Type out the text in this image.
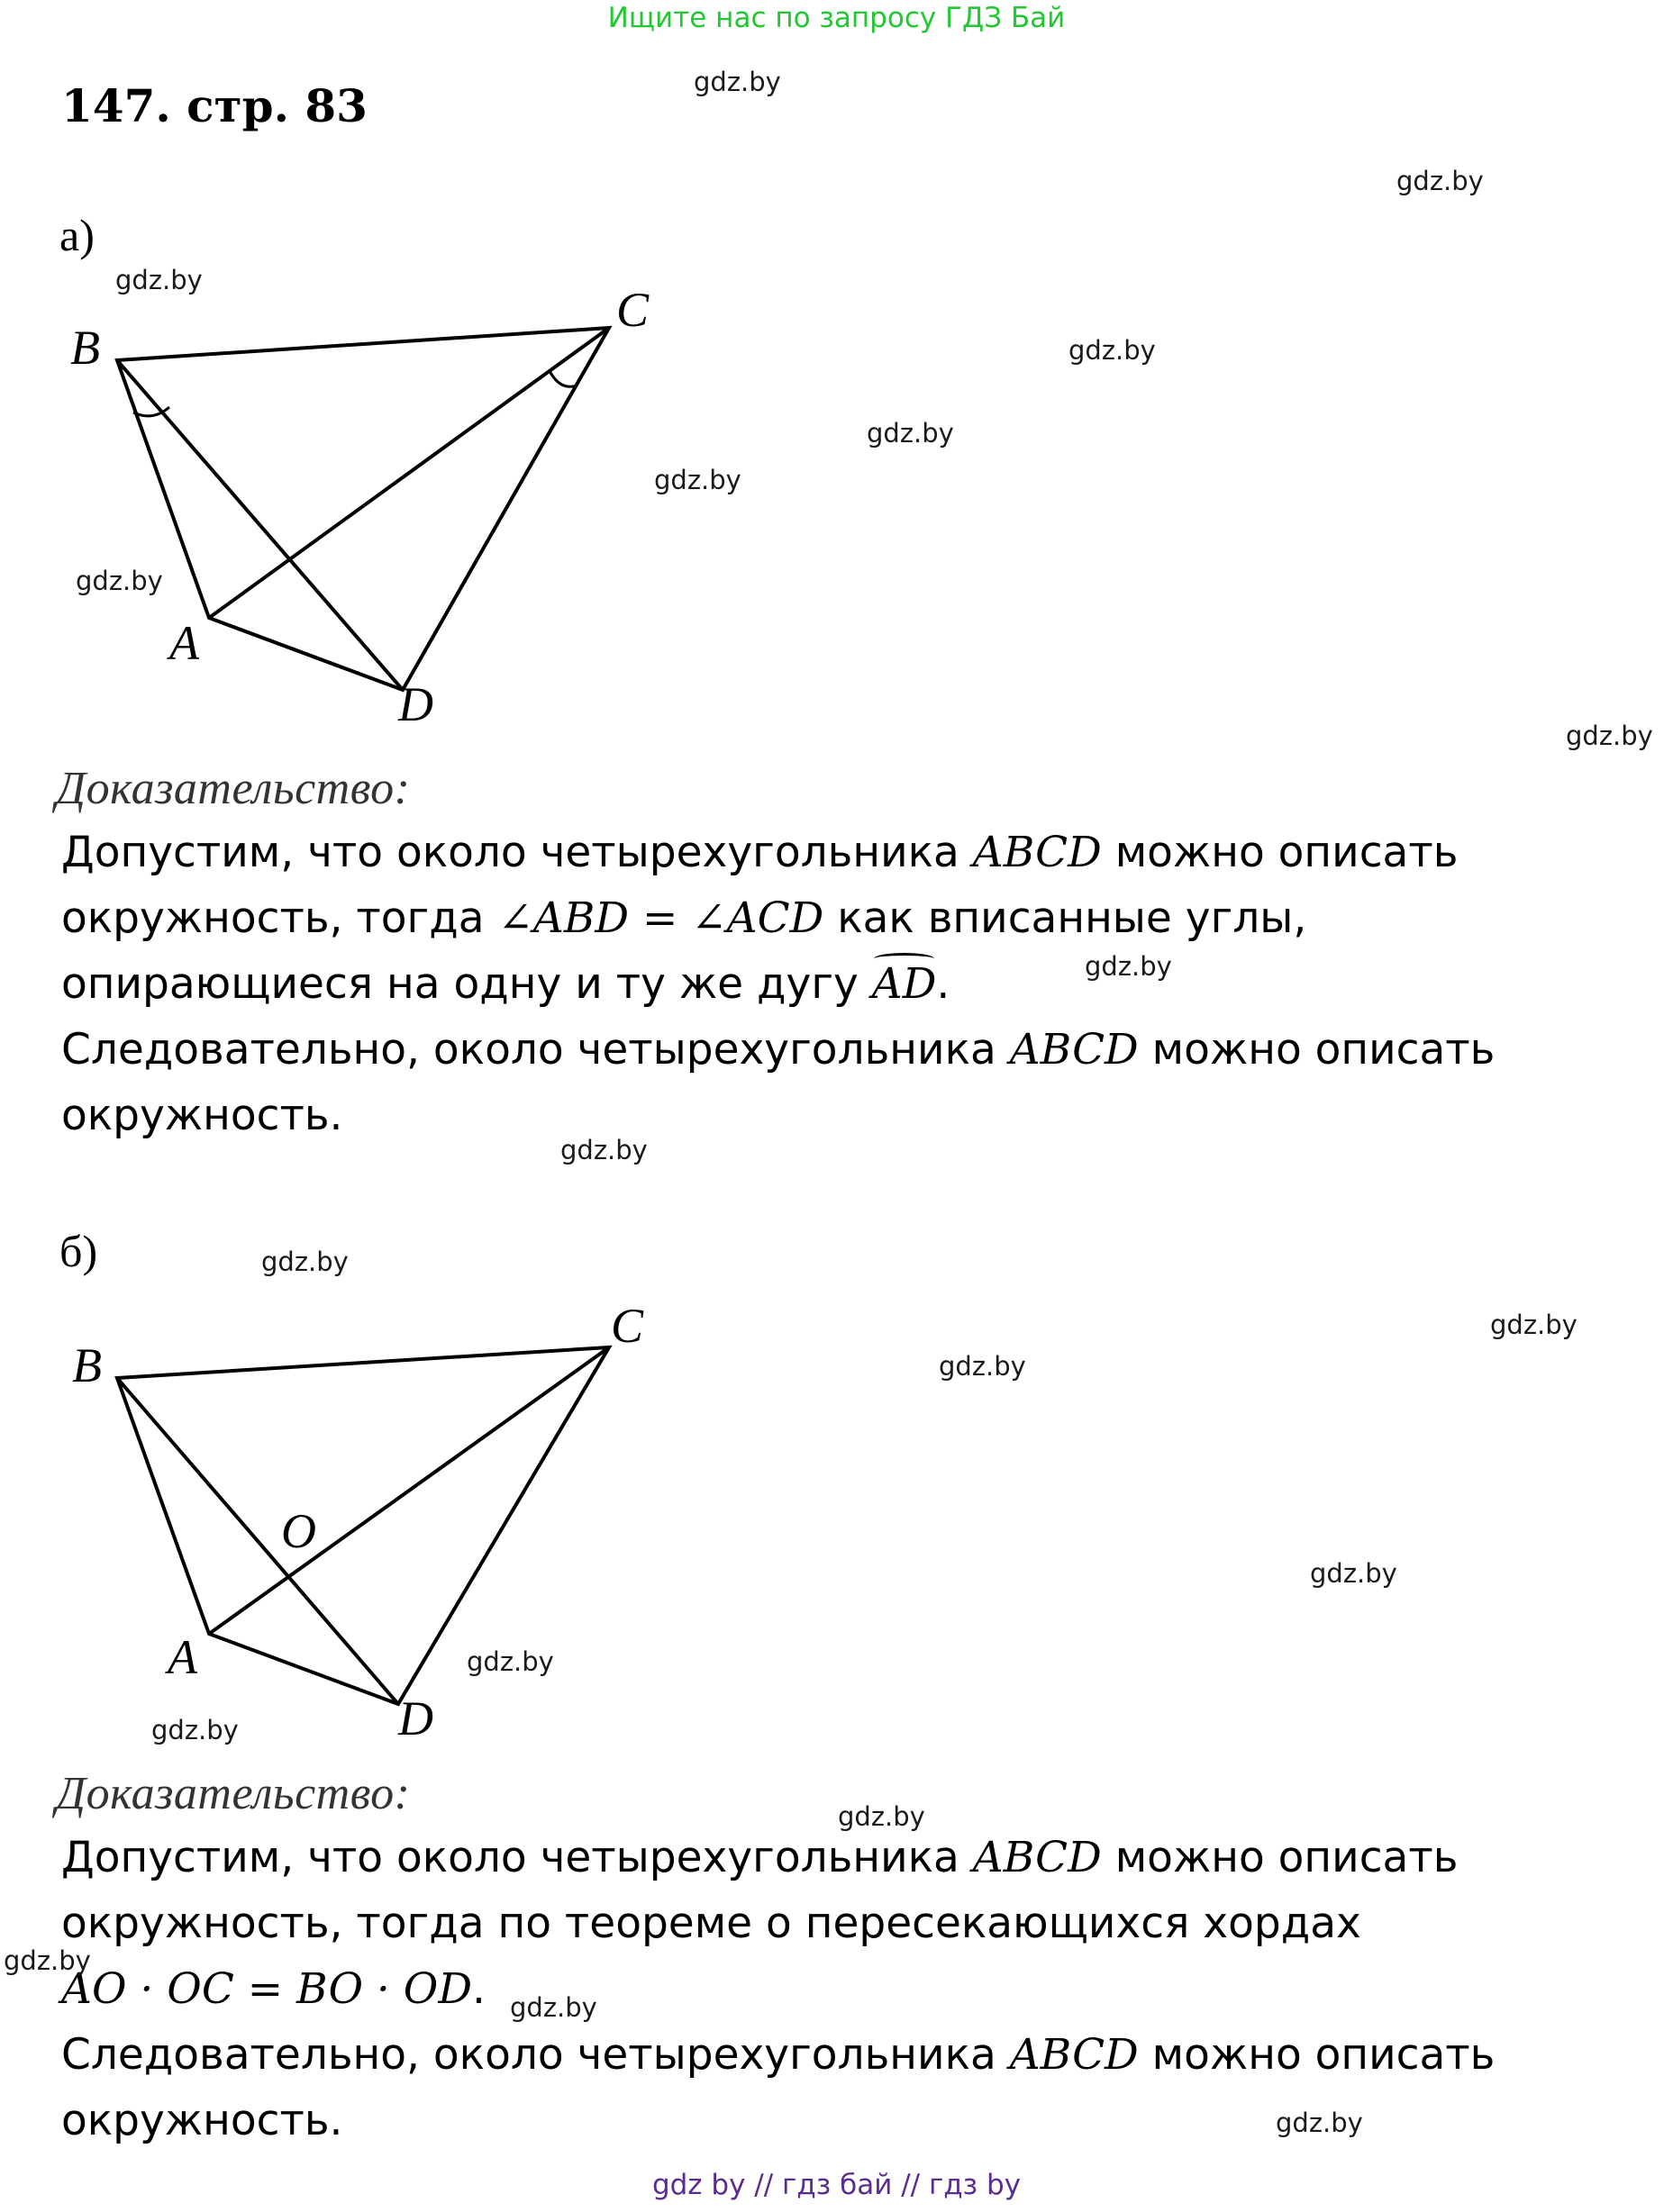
Ищите нас по запросу ГДЗ Бай
147. стр. 83
а)
B
C
A
D
Доказательство:
Допустим, что около четырехугольника ABCD можно описать
окружность, тогда ∠ABD = ∠ACD как вписанные углы,
опирающиеся на одну и ту же дугу
AD.
Следовательно, около четырехугольника ABCD можно описать
окружность.
б)
B
C
O
A
D
Доказательство:
Допустим, что около четырехугольника ABCD можно описать
окружность, тогда по теореме о пересекающихся хордах
AO · OC = BO · OD.
Следовательно, около четырехугольника ABCD можно описать
окружность.
gdz.by
gdz.by
gdz.by
gdz.by
gdz.by
gdz.by
gdz.by
gdz.by
gdz.by
gdz.by
gdz.by
gdz.by
gdz.by
gdz.by
gdz.by
gdz.by
gdz.by
gdz.by
gdz.by
gdz.by
gdz by // гдз бай // гдз by
